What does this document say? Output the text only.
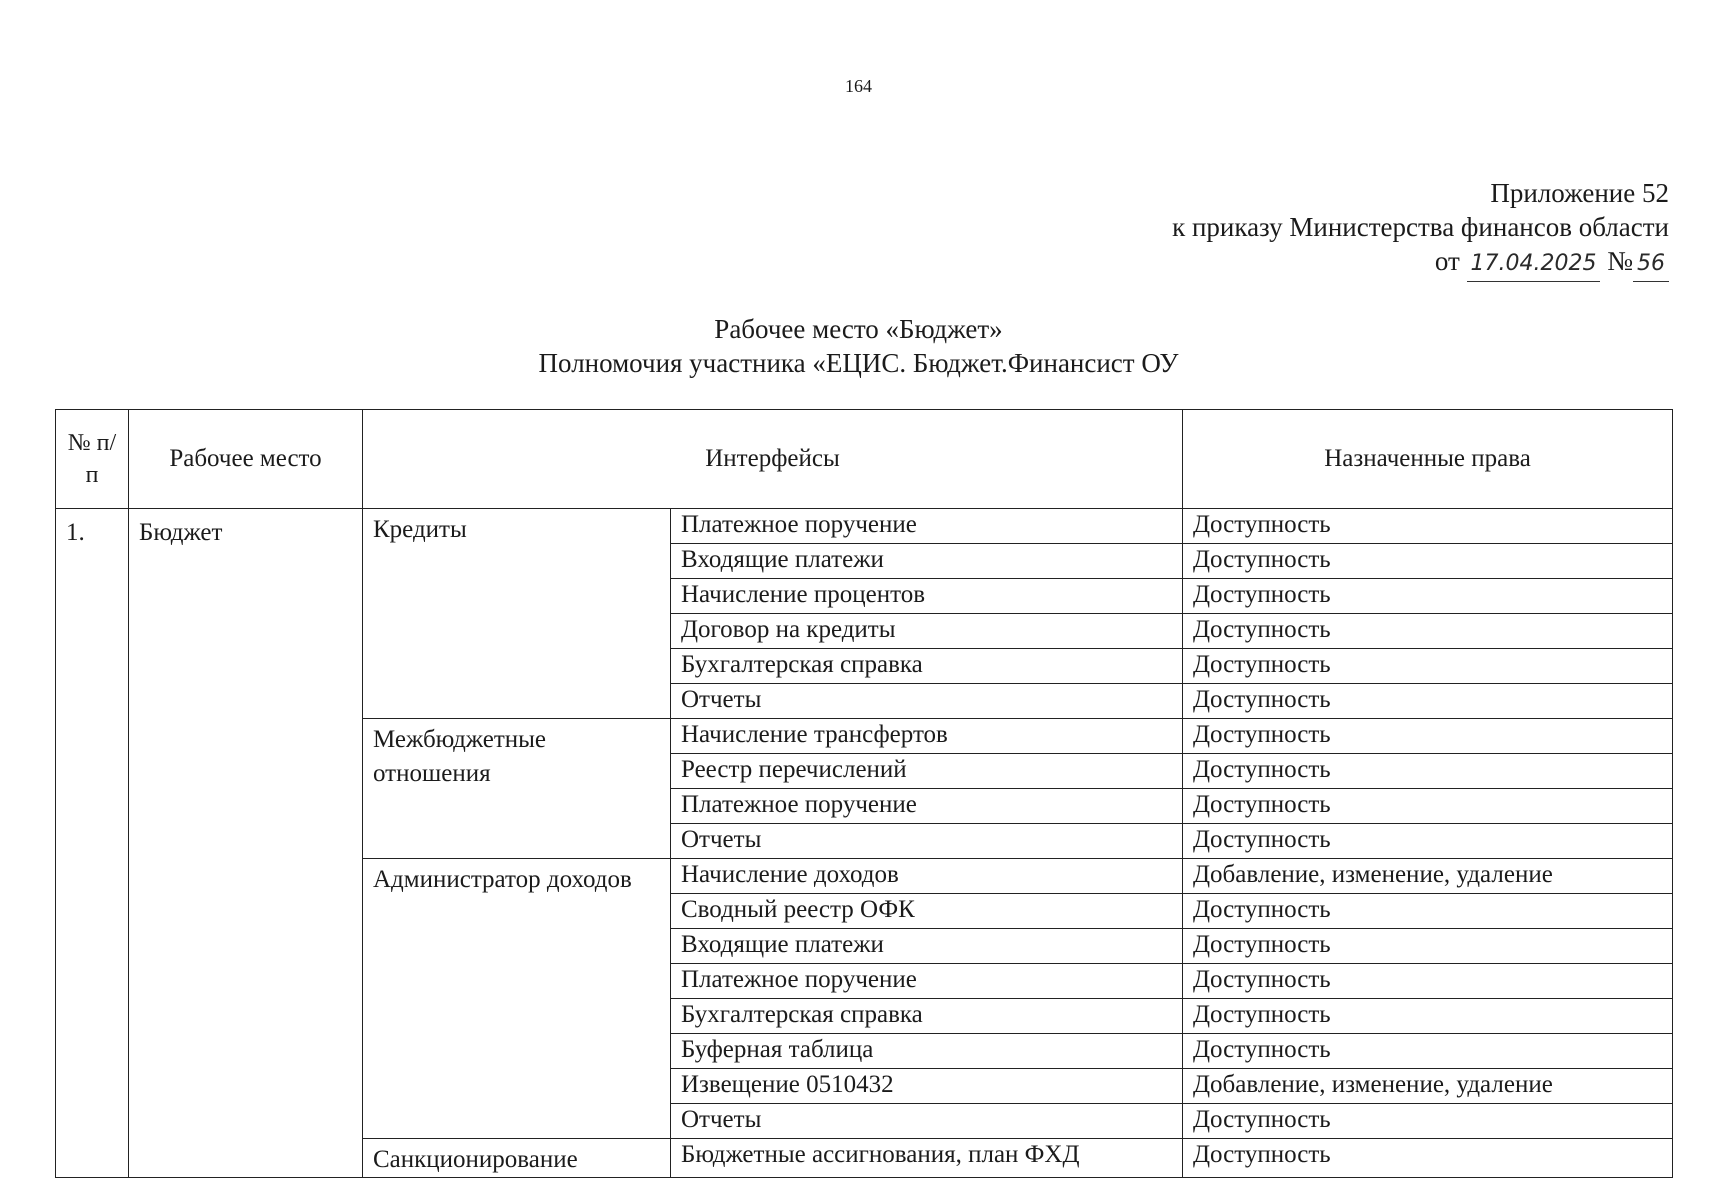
164
Приложение 52
к приказу Министерства финансов области
от 17.04.2025 № 56
Рабочее место «Бюджет»
Полномочия участника «ЕЦИС. Бюджет.Финансист ОУ
№ п/п	Рабочее место	Интерфейсы		Назначенные права
1.	Бюджет	Кредиты	Платежное поручение	Доступность
			Входящие платежи	Доступность
			Начисление процентов	Доступность
			Договор на кредиты	Доступность
			Бухгалтерская справка	Доступность
			Отчеты	Доступность
		Межбюджетные отношения	Начисление трансфертов	Доступность
			Реестр перечислений	Доступность
			Платежное поручение	Доступность
			Отчеты	Доступность
		Администратор доходов	Начисление доходов	Добавление, изменение, удаление
			Сводный реестр ОФК	Доступность
			Входящие платежи	Доступность
			Платежное поручение	Доступность
			Бухгалтерская справка	Доступность
			Буферная таблица	Доступность
			Извещение 0510432	Добавление, изменение, удаление
			Отчеты	Доступность
		Санкционирование	Бюджетные ассигнования, план ФХД	Доступность
